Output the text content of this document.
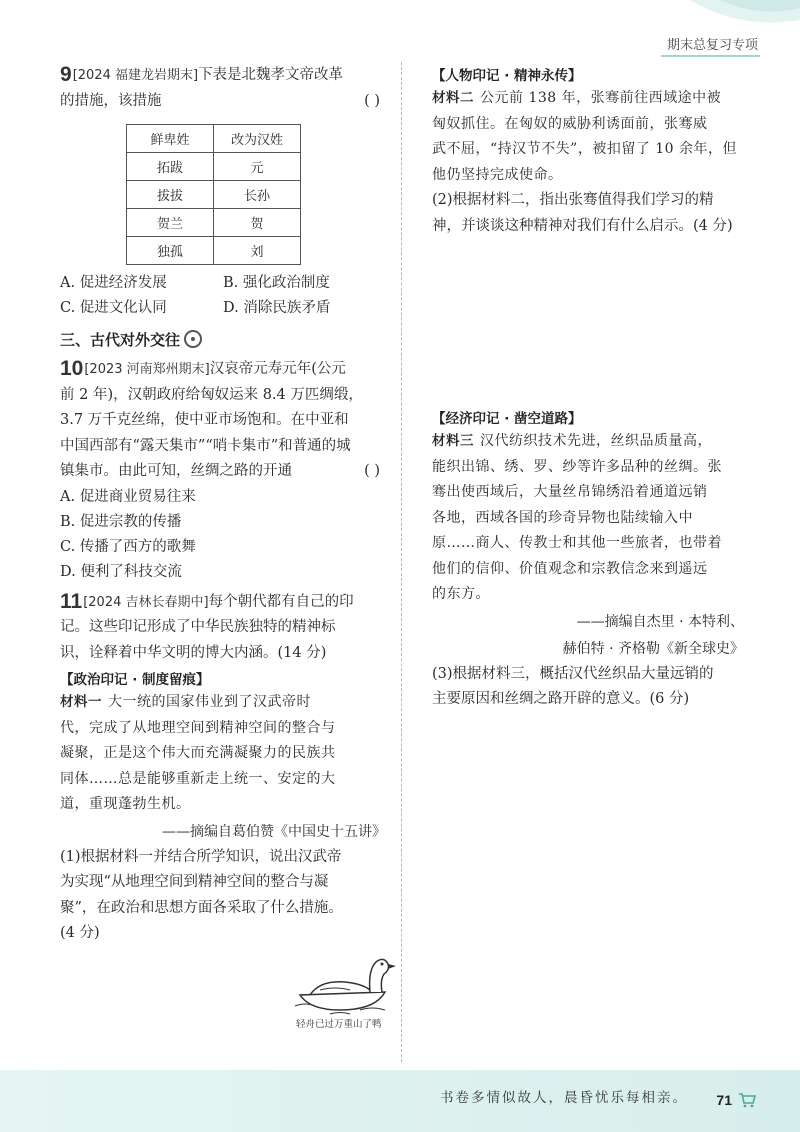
期末总复习专项

9[2024 福建龙岩期末]下表是北魏孝文帝改革

的措施，该措施	( )

鲜卑姓	改为汉姓
拓跋	元
拔拔	长孙
贺兰	贺
独孤	刘
A. 促进经济发展	B. 强化政治制度
C. 促进文化认同	D. 消除民族矛盾
三、古代对外交往

10[2023 河南郑州期末]汉哀帝元寿元年(公元

前 2 年)，汉朝政府给匈奴运来 8.4 万匹绸缎，

3.7 万千克丝绵，使中亚市场饱和。在中亚和

中国西部有“露天集市”“哨卡集市”和普通的城

镇集市。由此可知，丝绸之路的开通	( )

A. 促进商业贸易往来

B. 促进宗教的传播

C. 传播了西方的歌舞

D. 便利了科技交流

11[2024 吉林长春期中]每个朝代都有自己的印

记。这些印记形成了中华民族独特的精神标

识，诠释着中华文明的博大内涵。(14 分)

【政治印记 · 制度留痕】

材料一 大一统的国家伟业到了汉武帝时

代，完成了从地理空间到精神空间的整合与

凝聚，正是这个伟大而充满凝聚力的民族共

同体……总是能够重新走上统一、安定的大

道，重现蓬勃生机。

——摘编自葛伯赞《中国史十五讲》

(1)根据材料一并结合所学知识，说出汉武帝

为实现“从地理空间到精神空间的整合与凝

聚”，在政治和思想方面各采取了什么措施。

(4 分)

【人物印记 · 精神永传】

材料二 公元前 138 年，张骞前往西域途中被

匈奴抓住。在匈奴的威胁利诱面前，张骞威

武不屈，“持汉节不失”，被扣留了 10 余年，但

他仍坚持完成使命。

(2)根据材料二，指出张骞值得我们学习的精

神，并谈谈这种精神对我们有什么启示。(4 分)

【经济印记 · 凿空道路】

材料三 汉代纺织技术先进，丝织品质量高，

能织出锦、绣、罗、纱等许多品种的丝绸。张

骞出使西域后，大量丝帛锦绣沿着通道远销

各地，西域各国的珍奇异物也陆续输入中

原……商人、传教士和其他一些旅者，也带着

他们的信仰、价值观念和宗教信念来到遥远

的东方。

——摘编自杰里 · 本特利、

赫伯特 · 齐格勒《新全球史》

(3)根据材料三，概括汉代丝织品大量远销的

主要原因和丝绸之路开辟的意义。(6 分)

轻舟已过万重山了鸭
书卷多情似故人，晨昏忧乐每相亲。 71
